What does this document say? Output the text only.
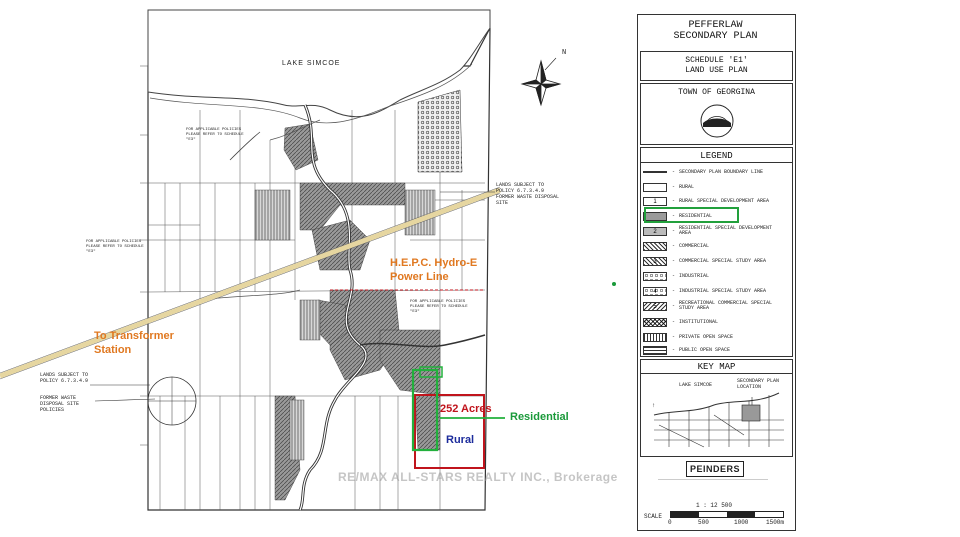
LAKE SIMCOE
N
FOR APPLICABLE POLICIES PLEASE REFER TO SCHEDULE "E3"
FOR APPLICABLE POLICIES PLEASE REFER TO SCHEDULE "E3"
FOR APPLICABLE POLICIES PLEASE REFER TO SCHEDULE "E3"
LANDS SUBJECT TO POLICY 6.7.3.4.9 FORMER WASTE DISPOSAL SITE
LANDS SUBJECT TO POLICY 6.7.3.4.9
FORMER WASTE DISPOSAL SITE POLICIES
H.E.P.C. Hydro-E
Power Line
To Transformer
Station
252 Acres
Residential
Rural
RE/MAX ALL-STARS REALTY INC., Brokerage
PEFFERLAW
SECONDARY PLAN
SCHEDULE 'E1'
LAND USE PLAN
TOWN OF GEORGINA
LEGEND
- SECONDARY PLAN BOUNDARY LINE
- RURAL
1	- RURAL SPECIAL DEVELOPMENT AREA
- RESIDENTIAL
2	- RESIDENTIAL SPECIAL DEVELOPMENT AREA
- COMMERCIAL
3	- COMMERCIAL SPECIAL STUDY AREA
- INDUSTRIAL
4	- INDUSTRIAL SPECIAL STUDY AREA
5	- RECREATIONAL COMMERCIAL SPECIAL STUDY AREA
- INSTITUTIONAL
- PRIVATE OPEN SPACE
- PUBLIC OPEN SPACE
KEY MAP
↑
LAKE SIMCOE
SECONDARY PLAN LOCATION
PEINDERS
1 : 12 500
SCALE
0	500	1000	1500m
